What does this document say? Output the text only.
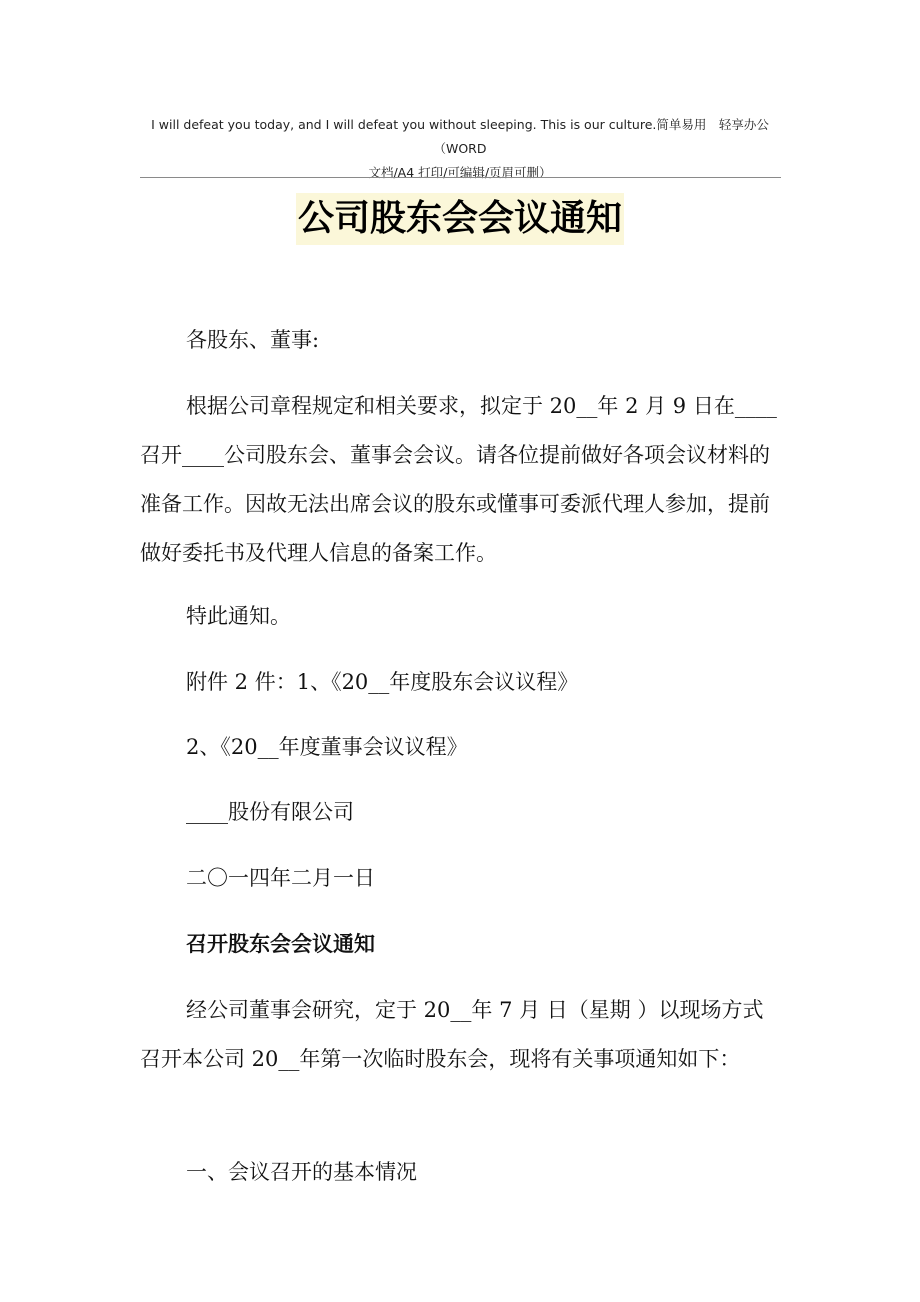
I will defeat you today, and I will defeat you without sleeping. This is our culture.简单易用　轻享办公（WORD
文档/A4 打印/可编辑/页眉可删）
公司股东会会议通知
各股东、董事:

根据公司章程规定和相关要求，拟定于 20__年 2 月 9 日在____召开____公司股东会、董事会会议。请各位提前做好各项会议材料的准备工作。因故无法出席会议的股东或懂事可委派代理人参加，提前做好委托书及代理人信息的备案工作。

特此通知。
附件 2 件：1、《20__年度股东会议议程》
2、《20__年度董事会议议程》
____股份有限公司
二〇一四年二月一日
召开股东会会议通知

经公司董事会研究，定于 20__年 7 月 日（星期 ）以现场方式召开本公司 20__年第一次临时股东会，现将有关事项通知如下：

一、会议召开的基本情况
